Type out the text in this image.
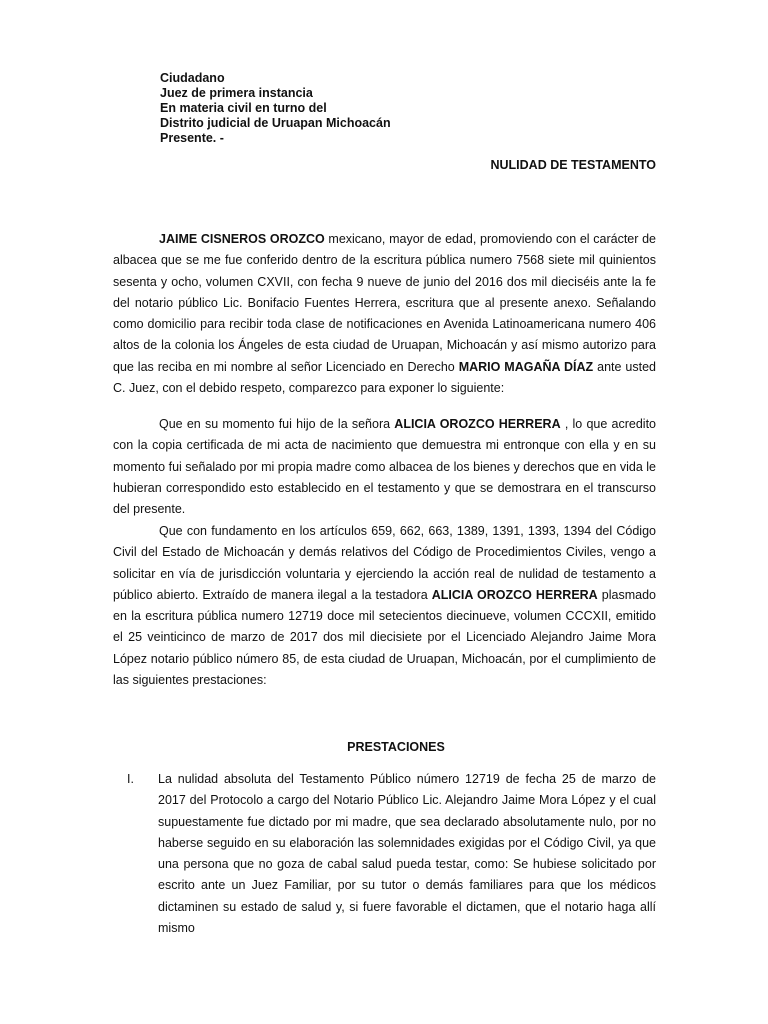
Ciudadano
Juez de primera instancia
En materia civil en turno del
Distrito judicial de Uruapan Michoacán
Presente. -
NULIDAD DE TESTAMENTO

JAIME CISNEROS OROZCO mexicano, mayor de edad, promoviendo con el carácter de albacea que se me fue conferido dentro de la escritura pública numero 7568 siete mil quinientos sesenta y ocho, volumen CXVII, con fecha 9 nueve de junio del 2016 dos mil dieciséis ante la fe del notario público Lic. Bonifacio Fuentes Herrera, escritura que al presente anexo. Señalando como domicilio para recibir toda clase de notificaciones en Avenida Latinoamericana numero 406 altos de la colonia los Ángeles de esta ciudad de Uruapan, Michoacán y así mismo autorizo para que las reciba en mi nombre al señor Licenciado en Derecho MARIO MAGAÑA DÍAZ ante usted C. Juez, con el debido respeto, comparezco para exponer lo siguiente:

Que en su momento fui hijo de la señora ALICIA OROZCO HERRERA , lo que acredito con la copia certificada de mi acta de nacimiento que demuestra mi entronque con ella y en su momento fui señalado por mi propia madre como albacea de los bienes y derechos que en vida le hubieran correspondido esto establecido en el testamento y que se demostrara en el transcurso del presente.

Que con fundamento en los artículos 659, 662, 663, 1389, 1391, 1393, 1394 del Código Civil del Estado de Michoacán y demás relativos del Código de Procedimientos Civiles, vengo a solicitar en vía de jurisdicción voluntaria y ejerciendo la acción real de nulidad de testamento a público abierto. Extraído de manera ilegal a la testadora ALICIA OROZCO HERRERA plasmado en la escritura pública numero 12719 doce mil setecientos diecinueve, volumen CCCXII, emitido el 25 veinticinco de marzo de 2017 dos mil diecisiete por el Licenciado Alejandro Jaime Mora López notario público número 85, de esta ciudad de Uruapan, Michoacán, por el cumplimiento de las siguientes prestaciones:

PRESTACIONES
I.	La nulidad absoluta del Testamento Público número 12719 de fecha 25 de marzo de 2017 del Protocolo a cargo del Notario Público Lic. Alejandro Jaime Mora López y el cual supuestamente fue dictado por mi madre, que sea declarado absolutamente nulo, por no haberse seguido en su elaboración las solemnidades exigidas por el Código Civil, ya que una persona que no goza de cabal salud pueda testar, como: Se hubiese solicitado por escrito ante un Juez Familiar, por su tutor o demás familiares para que los médicos dictaminen su estado de salud y, si fuere favorable el dictamen, que el notario haga allí mismo
